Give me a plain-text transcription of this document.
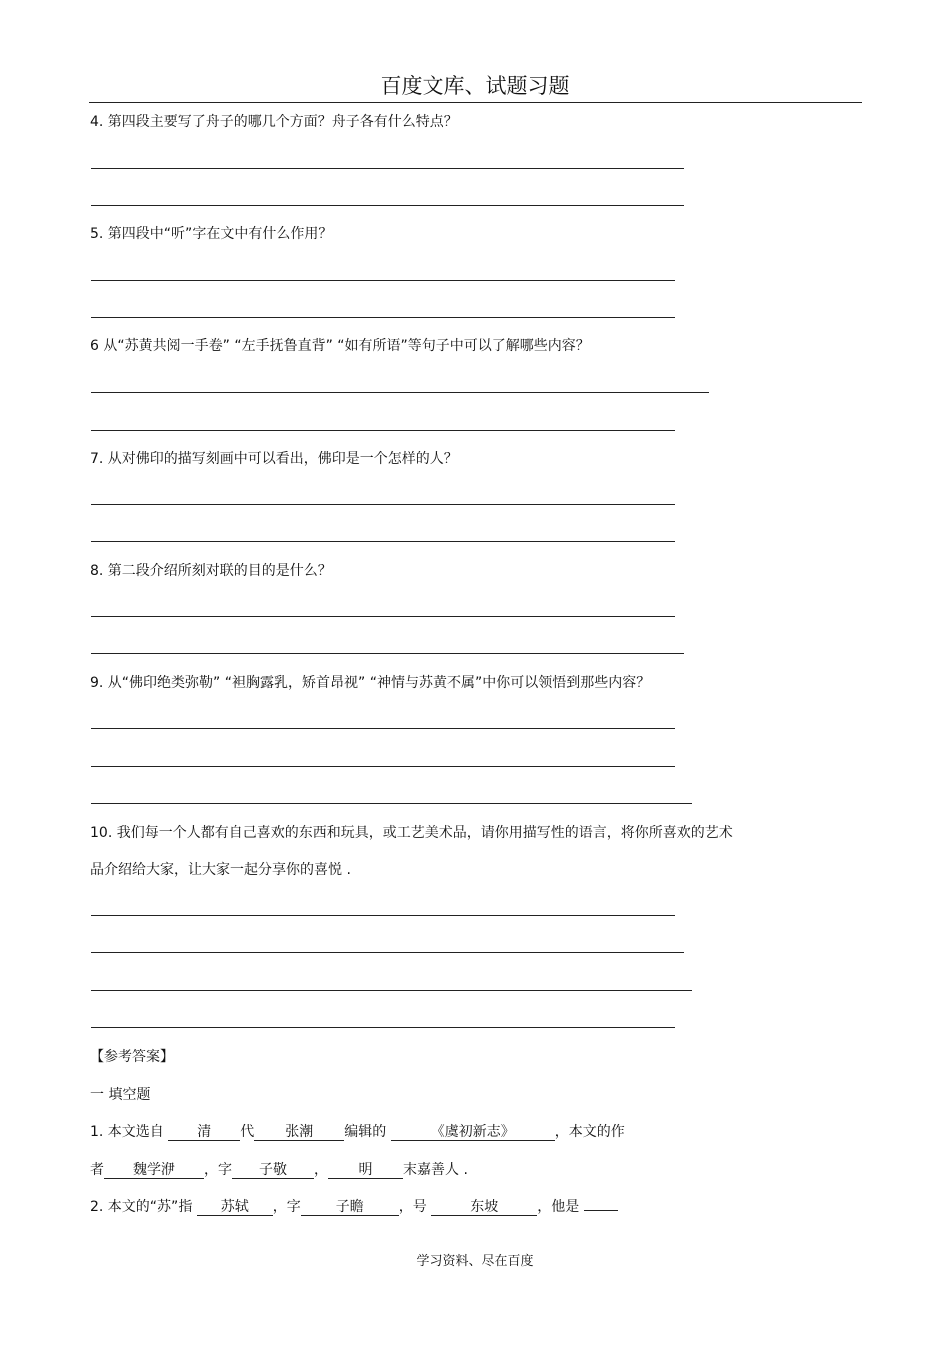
百度文库、试题习题
4. 第四段主要写了舟子的哪几个方面？舟子各有什么特点？
5. 第四段中“听”字在文中有什么作用？
6 从“苏黄共阅一手卷” “左手抚鲁直背” “如有所语”等句子中可以了解哪些内容？
7. 从对佛印的描写刻画中可以看出，佛印是一个怎样的人？
8. 第二段介绍所刻对联的目的是什么？
9. 从“佛印绝类弥勒” “袒胸露乳，矫首昂视” “神情与苏黄不属”中你可以领悟到那些内容？
10. 我们每一个人都有自己喜欢的东西和玩具，或工艺美术品，请你用描写性的语言，将你所喜欢的艺术
品介绍给大家，让大家一起分享你的喜悦 .
【参考答案】
一 填空题
1. 本文选自 清 代 张潮 编辑的	《虞初新志》	，本文的作
者 魏学洢 ，字 子敬 ， 明 末嘉善人 .
2. 本文的“苏”指 苏轼 ，字	子瞻	，号	东坡	，他是
学习资料、尽在百度
